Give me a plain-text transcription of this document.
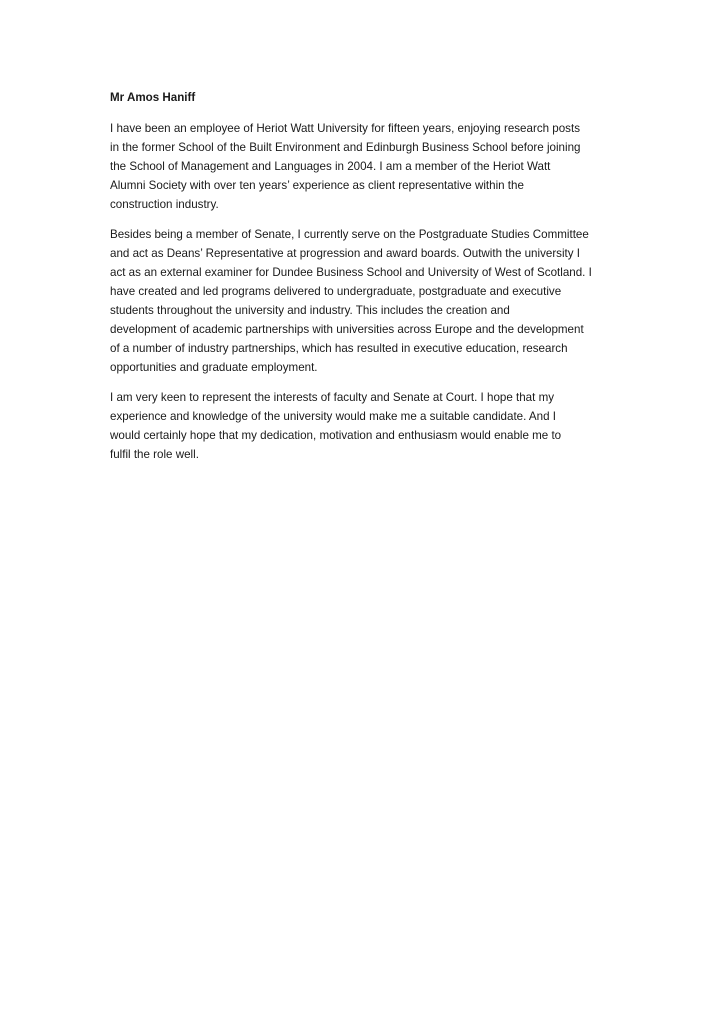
Mr Amos Haniff

I have been an employee of Heriot Watt University for fifteen years, enjoying research posts
in the former School of the Built Environment and Edinburgh Business School before joining
the School of Management and Languages in 2004. I am a member of the Heriot Watt
Alumni Society with over ten years’ experience as client representative within the
construction industry.

Besides being a member of Senate, I currently serve on the Postgraduate Studies Committee
and act as Deans’ Representative at progression and award boards. Outwith the university I
act as an external examiner for Dundee Business School and University of West of Scotland. I
have created and led programs delivered to undergraduate, postgraduate and executive
students throughout the university and industry. This includes the creation and
development of academic partnerships with universities across Europe and the development
of a number of industry partnerships, which has resulted in executive education, research
opportunities and graduate employment.

I am very keen to represent the interests of faculty and Senate at Court. I hope that my
experience and knowledge of the university would make me a suitable candidate. And I
would certainly hope that my dedication, motivation and enthusiasm would enable me to
fulfil the role well.
